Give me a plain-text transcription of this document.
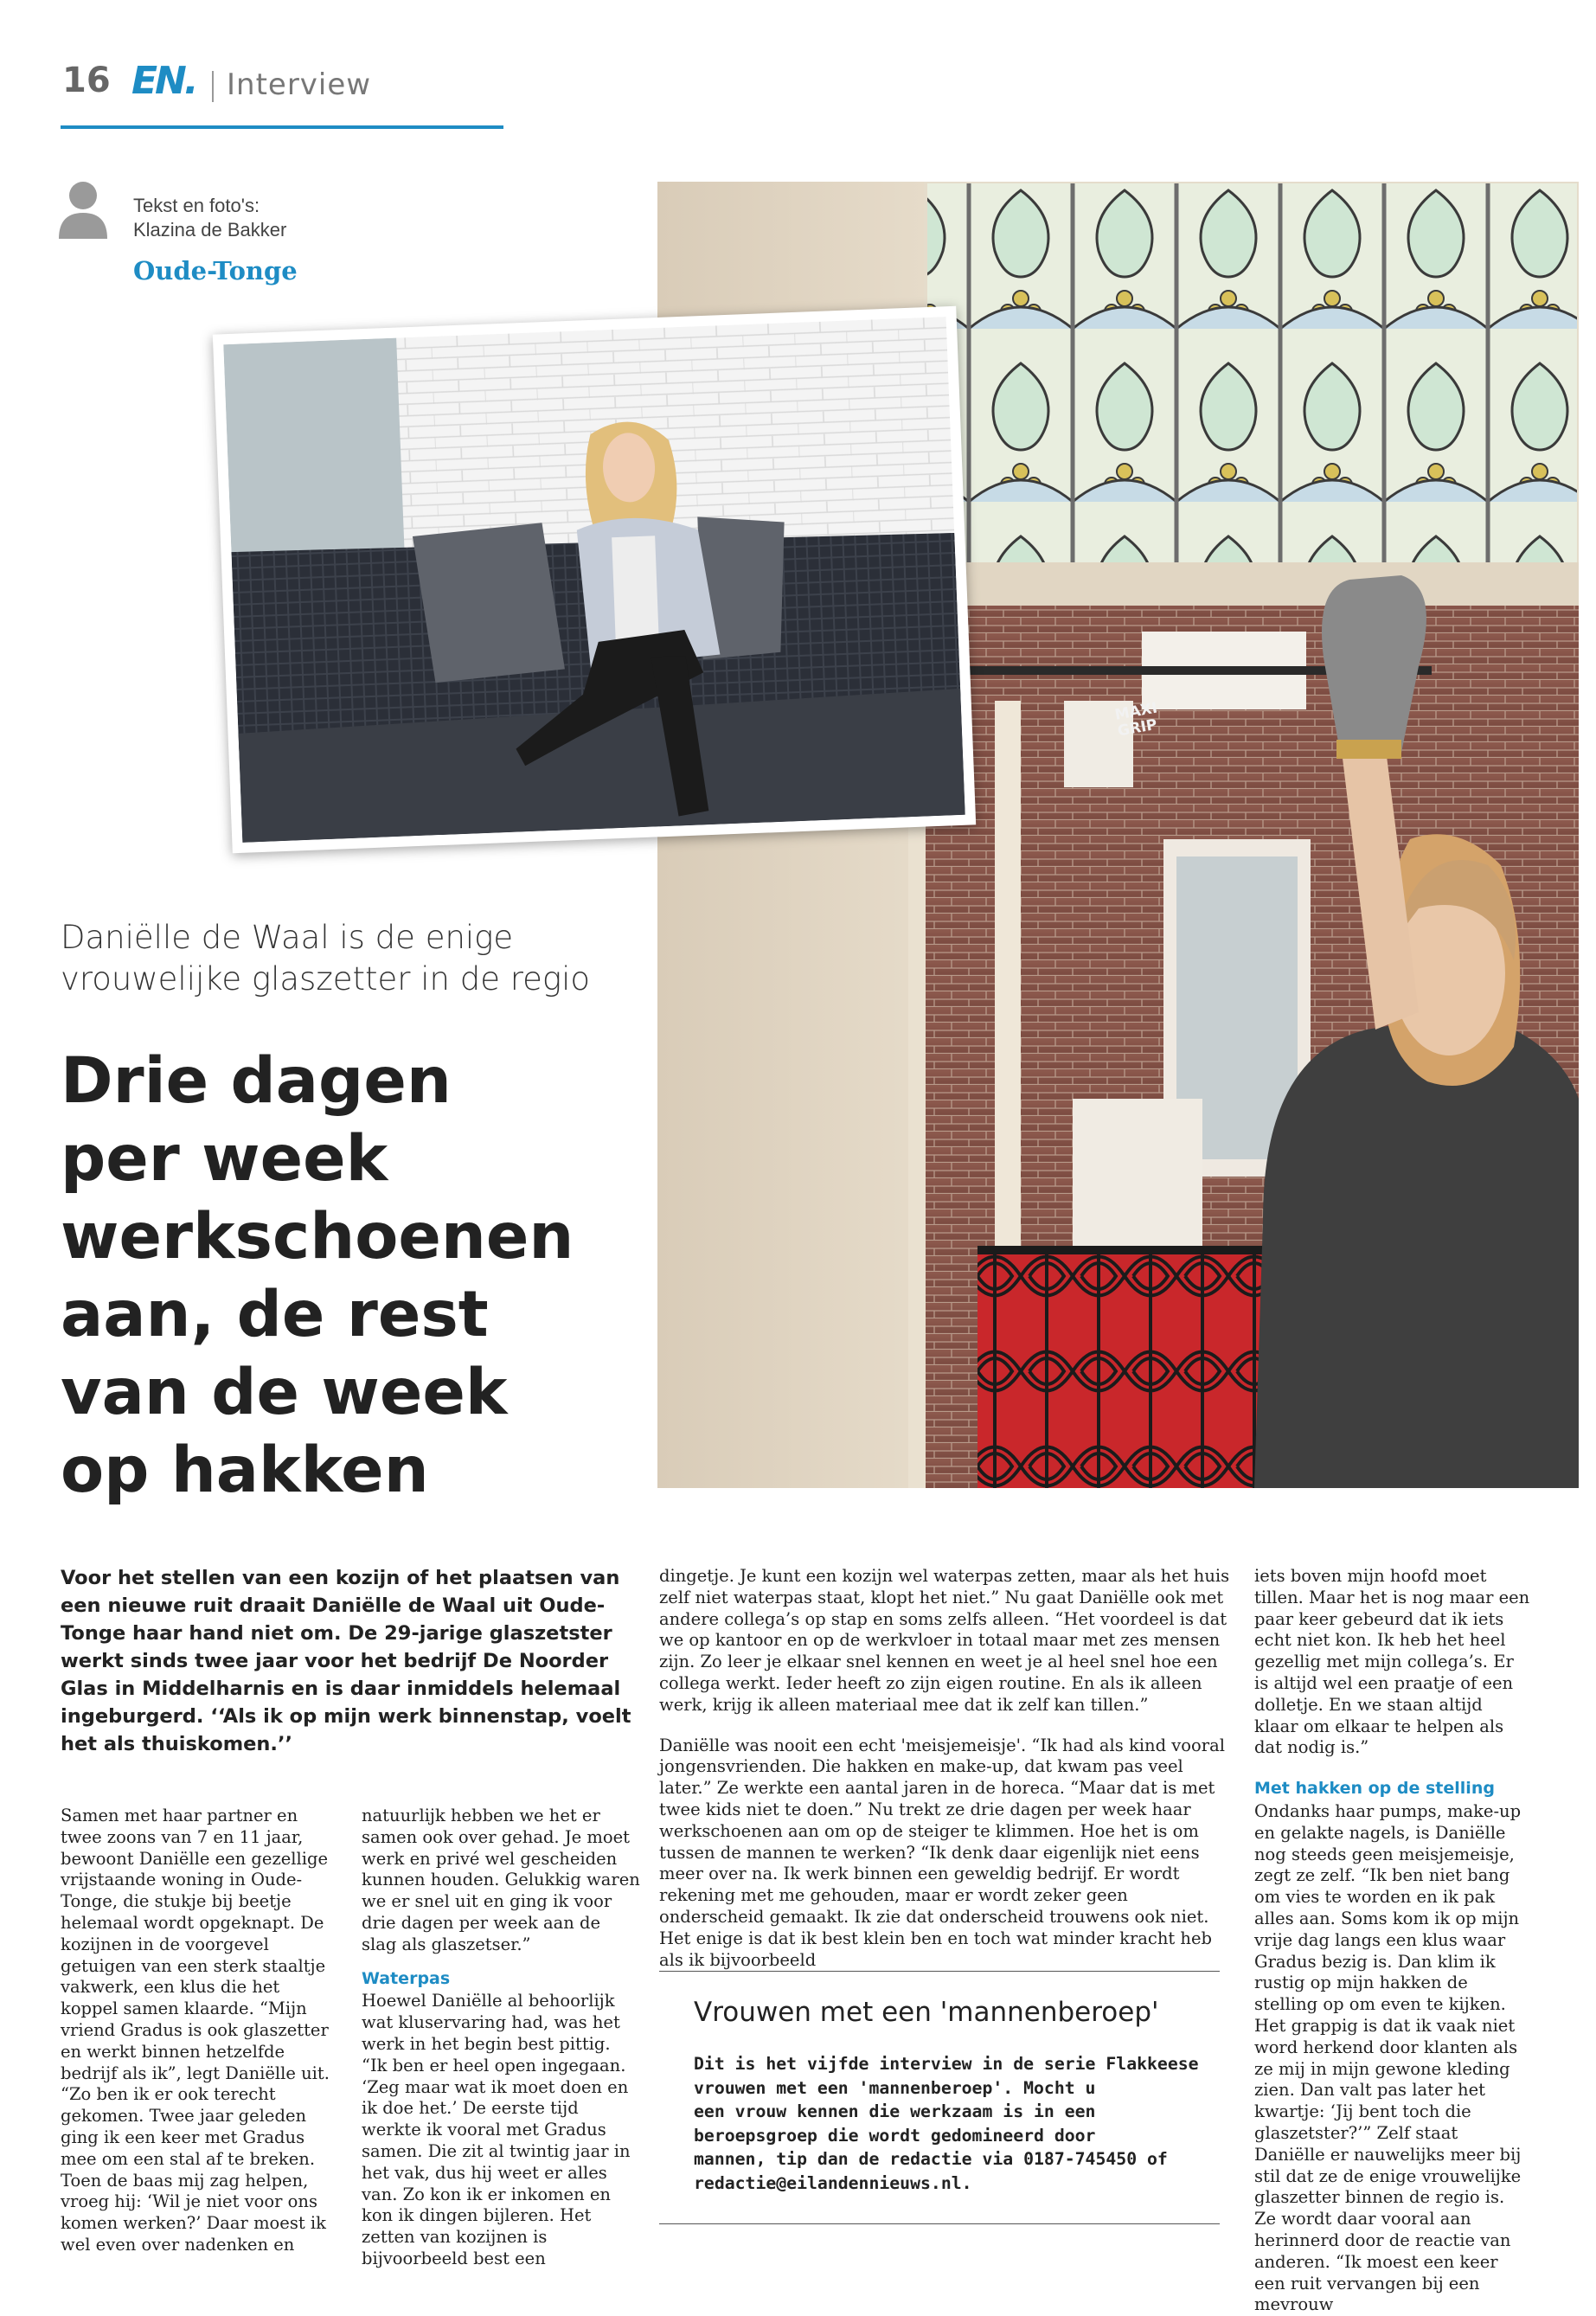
16 EN. Interview
Tekst en foto's:
Klazina de Bakker
Oude-Tonge
Daniëlle de Waal is de enige vrouwelijke glaszetter in de regio
Drie dagen
per week
werkschoenen
aan, de rest
van de week
op hakken
Voor het stellen van een kozijn of het plaatsen van een nieuwe ruit draait Daniëlle de Waal uit Oude-Tonge haar hand niet om. De 29-jarige glaszetster werkt sinds twee jaar voor het bedrijf De Noorder Glas in Middelharnis en is daar inmiddels helemaal ingeburgerd. ‘‘Als ik op mijn werk binnenstap, voelt het als thuiskomen.’’

Samen met haar partner en twee zoons van 7 en 11 jaar, bewoont Daniëlle een gezellige vrijstaande woning in Oude-Tonge, die stukje bij beetje helemaal wordt opgeknapt. De kozijnen in de voorgevel getuigen van een sterk staaltje vakwerk, een klus die het koppel samen klaarde. “Mijn vriend Gradus is ook glaszetter en werkt binnen hetzelfde bedrijf als ik”, legt Daniëlle uit. “Zo ben ik er ook terecht gekomen. Twee jaar geleden ging ik een keer met Gradus mee om een stal af te breken. Toen de baas mij zag helpen, vroeg hij: ‘Wil je niet voor ons komen werken?’ Daar moest ik wel even over nadenken en

natuurlijk hebben we het er samen ook over gehad. Je moet werk en privé wel gescheiden kunnen houden. Gelukkig waren we er snel uit en ging ik voor drie dagen per week aan de slag als glaszetser.”

Waterpas

Hoewel Daniëlle al behoorlijk wat kluservaring had, was het werk in het begin best pittig. “Ik ben er heel open ingegaan. ‘Zeg maar wat ik moet doen en ik doe het.’ De eerste tijd werkte ik vooral met Gradus samen. Die zit al twintig jaar in het vak, dus hij weet er alles van. Zo kon ik er inkomen en kon ik dingen bijleren. Het zetten van kozijnen is bijvoorbeeld best een

dingetje. Je kunt een kozijn wel waterpas zetten, maar als het huis zelf niet waterpas staat, klopt het niet.” Nu gaat Daniëlle ook met andere collega’s op stap en soms zelfs alleen. “Het voordeel is dat we op kantoor en op de werkvloer in totaal maar met zes mensen zijn. Zo leer je elkaar snel kennen en weet je al heel snel hoe een collega werkt. Ieder heeft zo zijn eigen routine. En als ik alleen werk, krijg ik alleen materiaal mee dat ik zelf kan tillen.”

Daniëlle was nooit een echt 'meisjemeisje'. “Ik had als kind vooral jongensvrienden. Die hakken en make-up, dat kwam pas veel later.” Ze werkte een aantal jaren in de horeca. “Maar dat is met twee kids niet te doen.” Nu trekt ze drie dagen per week haar werkschoenen aan om op de steiger te klimmen. Hoe het is om tussen de mannen te werken? “Ik denk daar eigenlijk niet eens meer over na. Ik werk binnen een geweldig bedrijf. Er wordt rekening met me gehouden, maar er wordt zeker geen onderscheid gemaakt. Ik zie dat onderscheid trouwens ook niet. Het enige is dat ik best klein ben en toch wat minder kracht heb als ik bijvoorbeeld

iets boven mijn hoofd moet tillen. Maar het is nog maar een paar keer gebeurd dat ik iets echt niet kon. Ik heb het heel gezellig met mijn collega’s. Er is altijd wel een praatje of een dolletje. En we staan altijd klaar om elkaar te helpen als dat nodig is.”

Met hakken op de stelling

Ondanks haar pumps, make-up en gelakte nagels, is Daniëlle nog steeds geen meisjemeisje, zegt ze zelf. “Ik ben niet bang om vies te worden en ik pak alles aan. Soms kom ik op mijn vrije dag langs een klus waar Gradus bezig is. Dan klim ik rustig op mijn hakken de stelling op om even te kijken. Het grappig is dat ik vaak niet word herkend door klanten als ze mij in mijn gewone kleding zien. Dan valt pas later het kwartje: ‘Jij bent toch die glaszetster?’” Zelf staat Daniëlle er nauwelijks meer bij stil dat ze de enige vrouwelijke glaszetter binnen de regio is. Ze wordt daar vooral aan herinnerd door de reactie van anderen. “Ik moest een keer een ruit vervangen bij een mevrouw

Vrouwen met een 'mannenberoep'
Dit is het vijfde interview in de serie Flakkeese
vrouwen met een 'mannenberoep'. Mocht u
een vrouw kennen die werkzaam is in een
beroepsgroep die wordt gedomineerd door
mannen, tip dan de redactie via 0187-745450 of
redactie@eilandennieuws.nl.
MAXI GRIP
